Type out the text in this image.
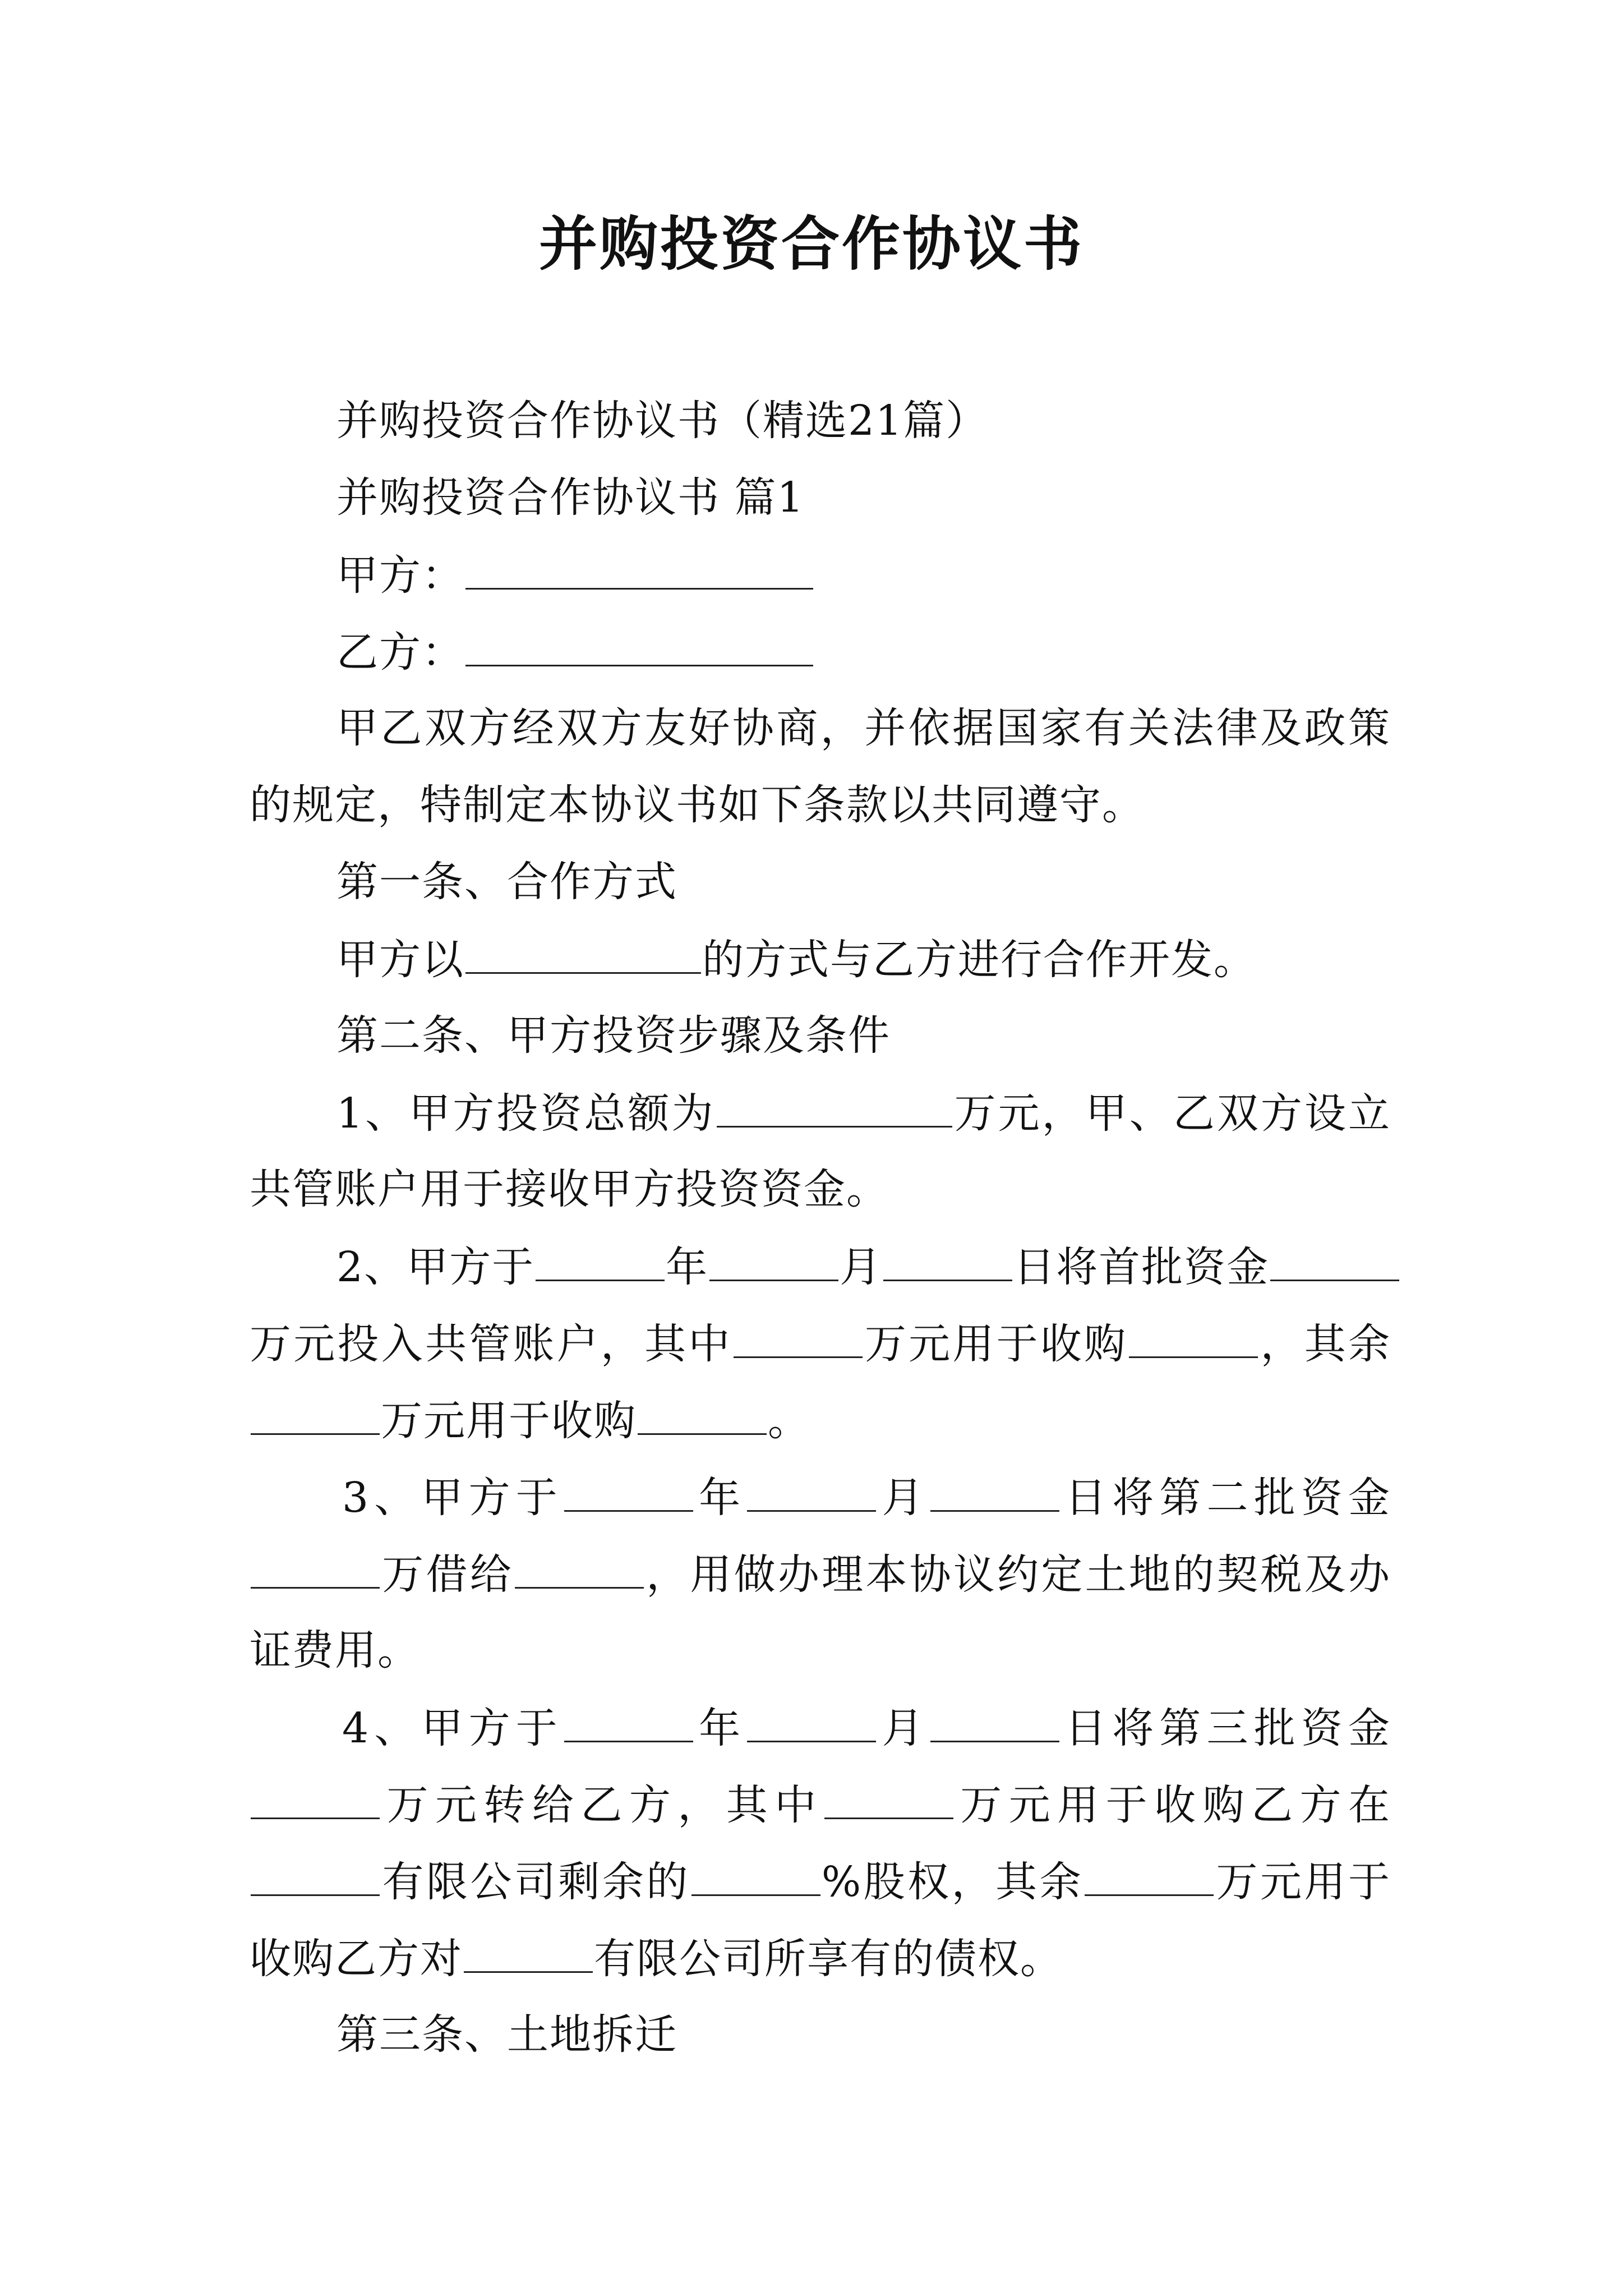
并购投资合作协议书
并购投资合作协议书（精选21篇）
并购投资合作协议书 篇1
甲方：
乙方：
甲乙双方经双方友好协商，并依据国家有关法律及政策
的规定，特制定本协议书如下条款以共同遵守。
第一条、合作方式
甲方以	的方式与乙方进行合作开发。
第二条、甲方投资步骤及条件
1、甲方投资总额为	万元，甲、乙双方设立
共管账户用于接收甲方投资资金。
2、甲方于	年	月	日将首批资金
万元投入共管账户，其中	万元用于收购	，其余
万元用于收购	。
3、甲方于	年	月	日将第二批资金
万借给	，用做办理本协议约定土地的契税及办
证费用。
4、甲方于	年	月	日将第三批资金
万元转给乙方，其中	万元用于收购乙方在
有限公司剩余的	%股权，其余	万元用于
收购乙方对	有限公司所享有的债权。
第三条、土地拆迁
